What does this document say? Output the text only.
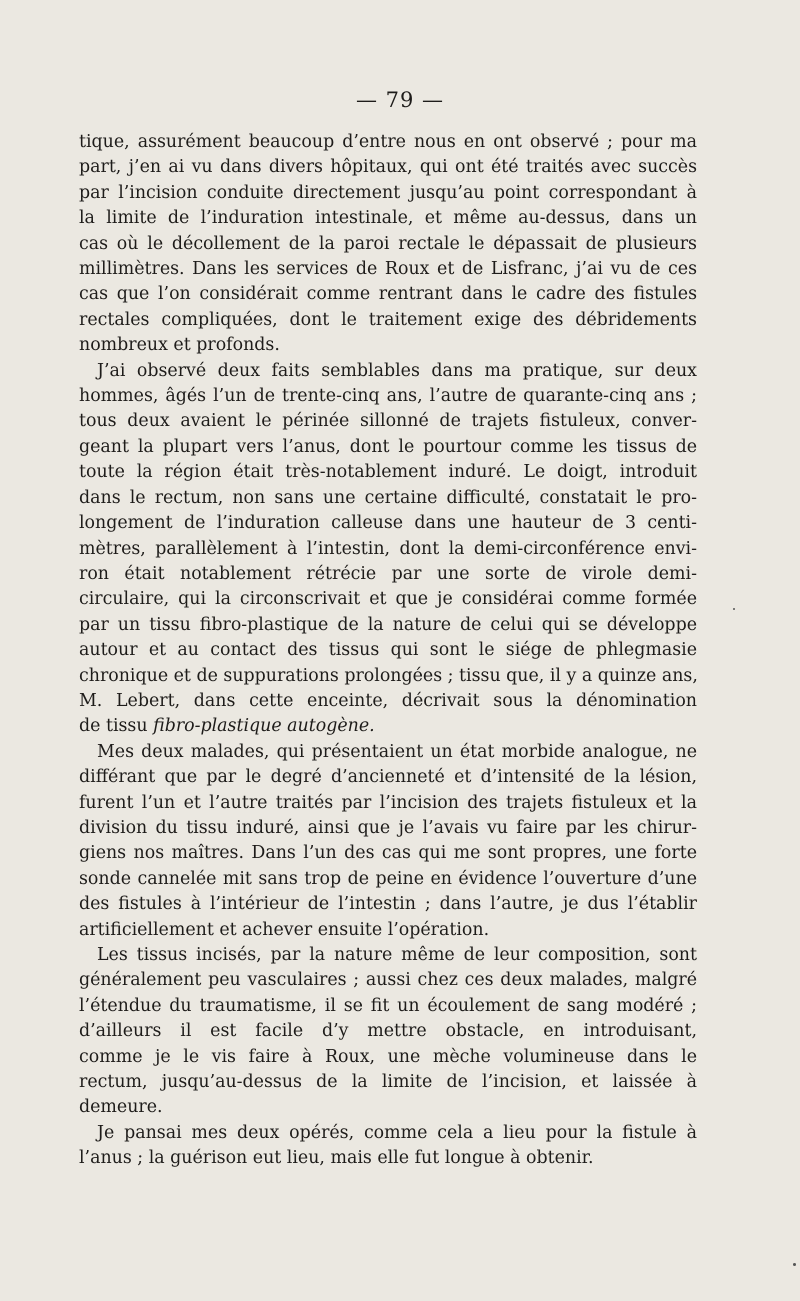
— 79 —

tique, assurément beaucoup d’entre nous en ont observé ; pour ma
part, j’en ai vu dans divers hôpitaux, qui ont été traités avec succès
par l’incision conduite directement jusqu’au point correspondant à
la limite de l’induration intestinale, et même au-dessus, dans un
cas où le décollement de la paroi rectale le dépassait de plusieurs
millimètres. Dans les services de Roux et de Lisfranc, j’ai vu de ces
cas que l’on considérait comme rentrant dans le cadre des fistules
rectales compliquées, dont le traitement exige des débridements
nombreux et profonds.

J’ai observé deux faits semblables dans ma pratique, sur deux
hommes, âgés l’un de trente-cinq ans, l’autre de quarante-cinq ans ;
tous deux avaient le périnée sillonné de trajets fistuleux, conver-
geant la plupart vers l’anus, dont le pourtour comme les tissus de
toute la région était très-notablement induré. Le doigt, introduit
dans le rectum, non sans une certaine difficulté, constatait le pro-
longement de l’induration calleuse dans une hauteur de 3 centi-
mètres, parallèlement à l’intestin, dont la demi-circonférence envi-
ron était notablement rétrécie par une sorte de virole demi-
circulaire, qui la circonscrivait et que je considérai comme formée
par un tissu fibro-plastique de la nature de celui qui se développe
autour et au contact des tissus qui sont le siége de phlegmasie
chronique et de suppurations prolongées ; tissu que, il y a quinze ans,
M. Lebert, dans cette enceinte, décrivait sous la dénomination
de tissu fibro-plastique autogène.

Mes deux malades, qui présentaient un état morbide analogue, ne
différant que par le degré d’ancienneté et d’intensité de la lésion,
furent l’un et l’autre traités par l’incision des trajets fistuleux et la
division du tissu induré, ainsi que je l’avais vu faire par les chirur-
giens nos maîtres. Dans l’un des cas qui me sont propres, une forte
sonde cannelée mit sans trop de peine en évidence l’ouverture d’une
des fistules à l’intérieur de l’intestin ; dans l’autre, je dus l’établir
artificiellement et achever ensuite l’opération.

Les tissus incisés, par la nature même de leur composition, sont
généralement peu vasculaires ; aussi chez ces deux malades, malgré
l’étendue du traumatisme, il se fit un écoulement de sang modéré ;
d’ailleurs il est facile d’y mettre obstacle, en introduisant,
comme je le vis faire à Roux, une mèche volumineuse dans le
rectum, jusqu’au-dessus de la limite de l’incision, et laissée à
demeure.

Je pansai mes deux opérés, comme cela a lieu pour la fistule à
l’anus ; la guérison eut lieu, mais elle fut longue à obtenir.
